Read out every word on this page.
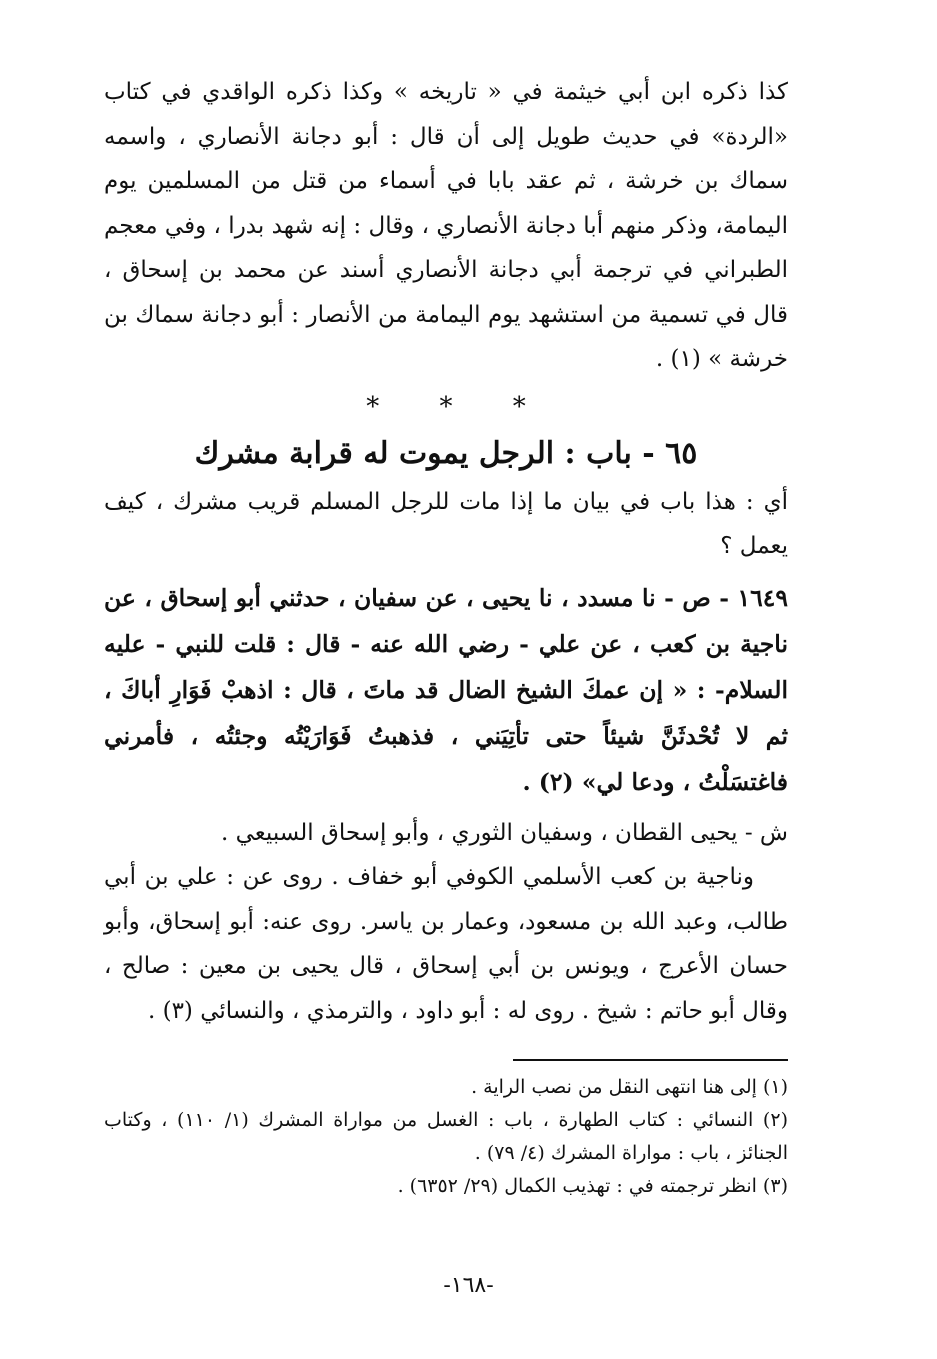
كذا ذكره ابن أبي خيثمة في « تاريخه » وكذا ذكره الواقدي في كتاب «الردة» في حديث طويل إلى أن قال : أبو دجانة الأنصاري ، واسمه سماك بن خرشة ، ثم عقد بابا في أسماء من قتل من المسلمين يوم اليمامة، وذكر منهم أبا دجانة الأنصاري ، وقال : إنه شهد بدرا ، وفي معجم الطبراني في ترجمة أبي دجانة الأنصاري أسند عن محمد بن إسحاق ، قال في تسمية من استشهد يوم اليمامة من الأنصار : أبو دجانة سماك بن خرشة » (١) .

* * *
٦٥ - باب : الرجل يموت له قرابة مشرك

أي : هذا باب في بيان ما إذا مات للرجل المسلم قريب مشرك ، كيف يعمل ؟

١٦٤٩ - ص - نا مسدد ، نا يحيى ، عن سفيان ، حدثني أبو إسحاق ، عن ناجية بن كعب ، عن علي - رضي الله عنه - قال : قلت للنبي - عليه السلام- : « إن عمكَ الشيخ الضال قد ماتَ ، قال : اذهبْ فَوَارِ أباكَ ، ثم لا تُحْدثَنَّ شيئاً حتى تأتِيَني ، فذهبتُ فَوَارَيْتُه وجئتُه ، فأمرني فاغتسَلْتُ ، ودعا لي» (٢) .

ش - يحيى القطان ، وسفيان الثوري ، وأبو إسحاق السبيعي .

وناجية بن كعب الأسلمي الكوفي أبو خفاف . روى عن : علي بن أبي طالب، وعبد الله بن مسعود، وعمار بن ياسر. روى عنه: أبو إسحاق، وأبو حسان الأعرج ، ويونس بن أبي إسحاق ، قال يحيى بن معين : صالح ، وقال أبو حاتم : شيخ . روى له : أبو داود ، والترمذي ، والنسائي (٣) .

(١) إلى هنا انتهى النقل من نصب الراية .

(٢) النسائي : كتاب الطهارة ، باب : الغسل من مواراة المشرك (١/ ١١٠) ، وكتاب الجنائز ، باب : مواراة المشرك (٤/ ٧٩) .

(٣) انظر ترجمته في : تهذيب الكمال (٢٩/ ٦٣٥٢) .

-١٦٨-
